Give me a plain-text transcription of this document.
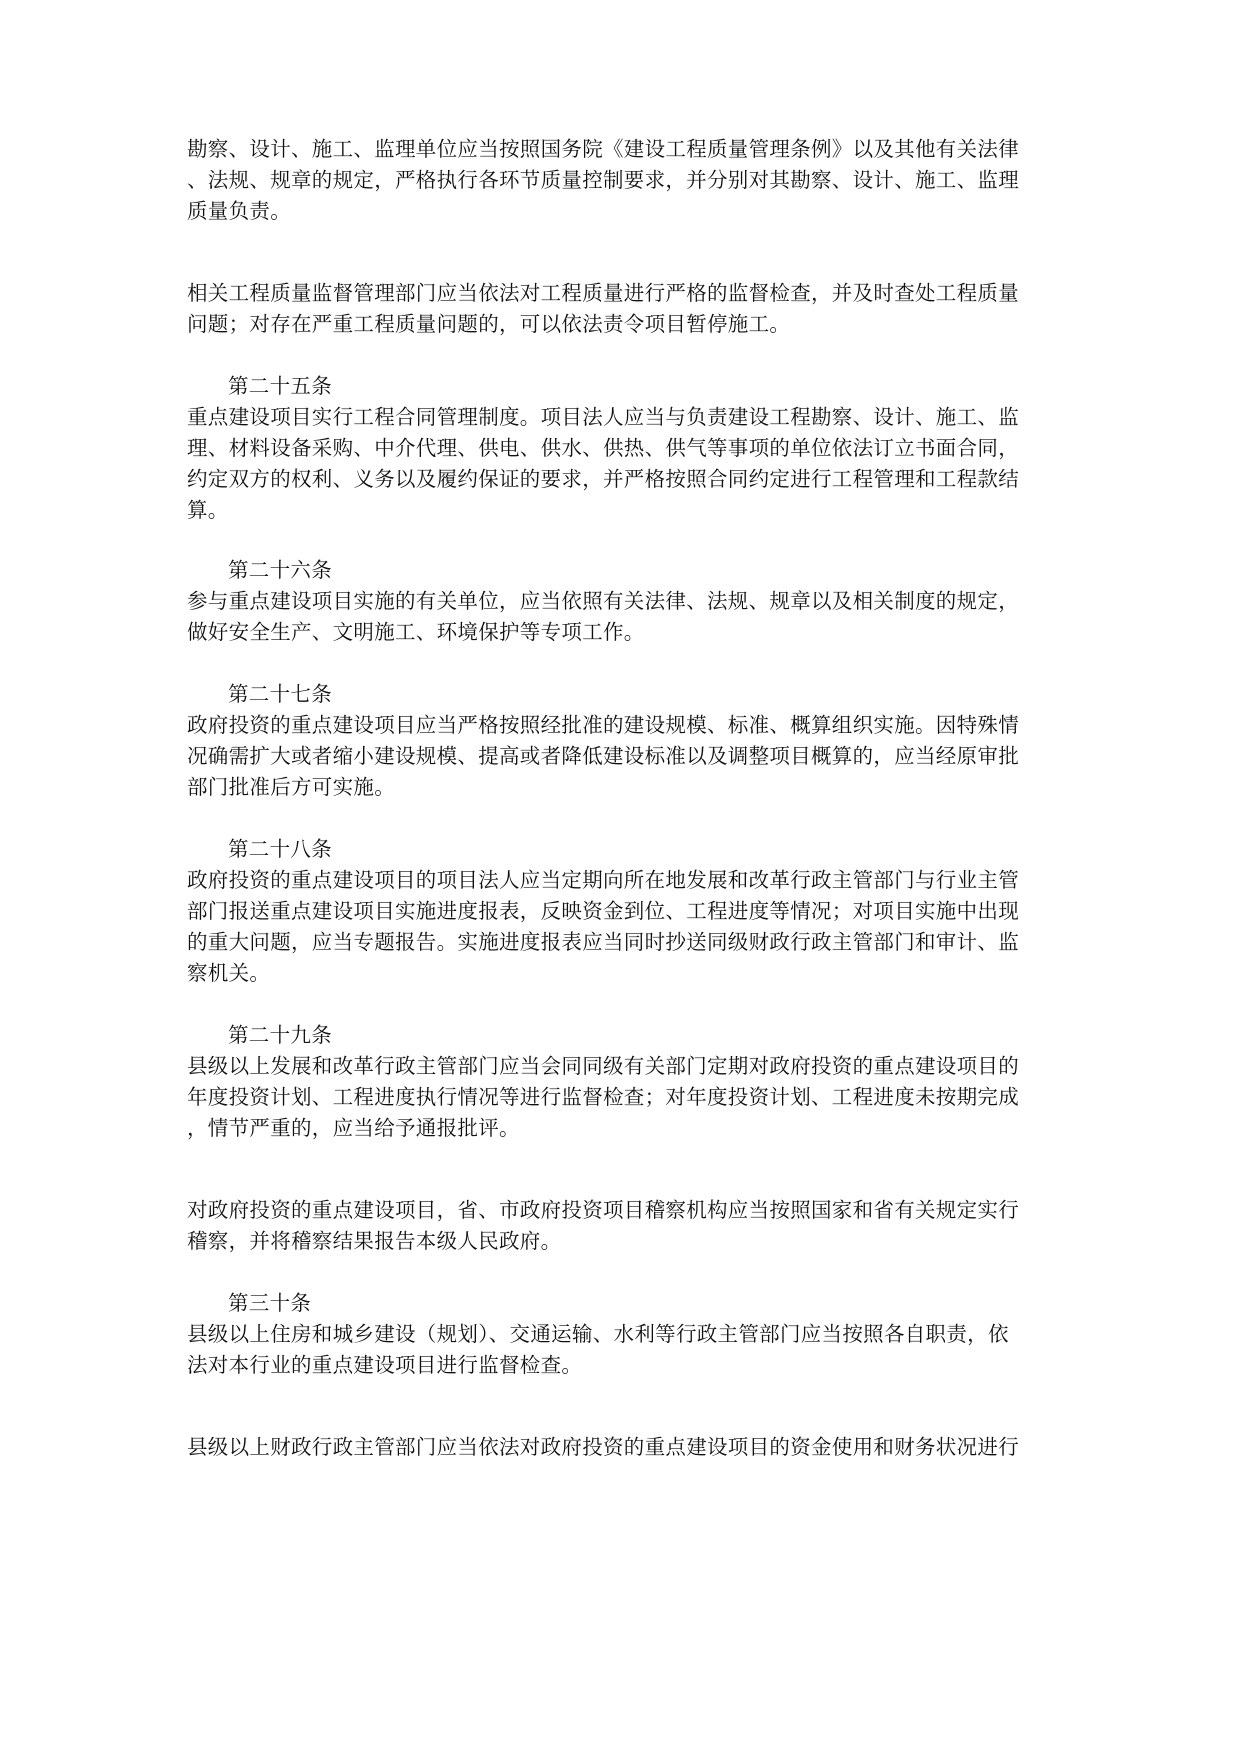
勘察、设计、施工、监理单位应当按照国务院《建设工程质量管理条例》以及其他有关法律
、法规、规章的规定，严格执行各环节质量控制要求，并分别对其勘察、设计、施工、监理
质量负责。
相关工程质量监督管理部门应当依法对工程质量进行严格的监督检查，并及时查处工程质量
问题；对存在严重工程质量问题的，可以依法责令项目暂停施工。
第二十五条
重点建设项目实行工程合同管理制度。项目法人应当与负责建设工程勘察、设计、施工、监
理、材料设备采购、中介代理、供电、供水、供热、供气等事项的单位依法订立书面合同，
约定双方的权利、义务以及履约保证的要求，并严格按照合同约定进行工程管理和工程款结
算。
第二十六条
参与重点建设项目实施的有关单位，应当依照有关法律、法规、规章以及相关制度的规定，
做好安全生产、文明施工、环境保护等专项工作。
第二十七条
政府投资的重点建设项目应当严格按照经批准的建设规模、标准、概算组织实施。因特殊情
况确需扩大或者缩小建设规模、提高或者降低建设标准以及调整项目概算的，应当经原审批
部门批准后方可实施。
第二十八条
政府投资的重点建设项目的项目法人应当定期向所在地发展和改革行政主管部门与行业主管
部门报送重点建设项目实施进度报表，反映资金到位、工程进度等情况；对项目实施中出现
的重大问题，应当专题报告。实施进度报表应当同时抄送同级财政行政主管部门和审计、监
察机关。
第二十九条
县级以上发展和改革行政主管部门应当会同同级有关部门定期对政府投资的重点建设项目的
年度投资计划、工程进度执行情况等进行监督检查；对年度投资计划、工程进度未按期完成
，情节严重的，应当给予通报批评。
对政府投资的重点建设项目，省、市政府投资项目稽察机构应当按照国家和省有关规定实行
稽察，并将稽察结果报告本级人民政府。
第三十条
县级以上住房和城乡建设（规划）、交通运输、水利等行政主管部门应当按照各自职责，依
法对本行业的重点建设项目进行监督检查。
县级以上财政行政主管部门应当依法对政府投资的重点建设项目的资金使用和财务状况进行
